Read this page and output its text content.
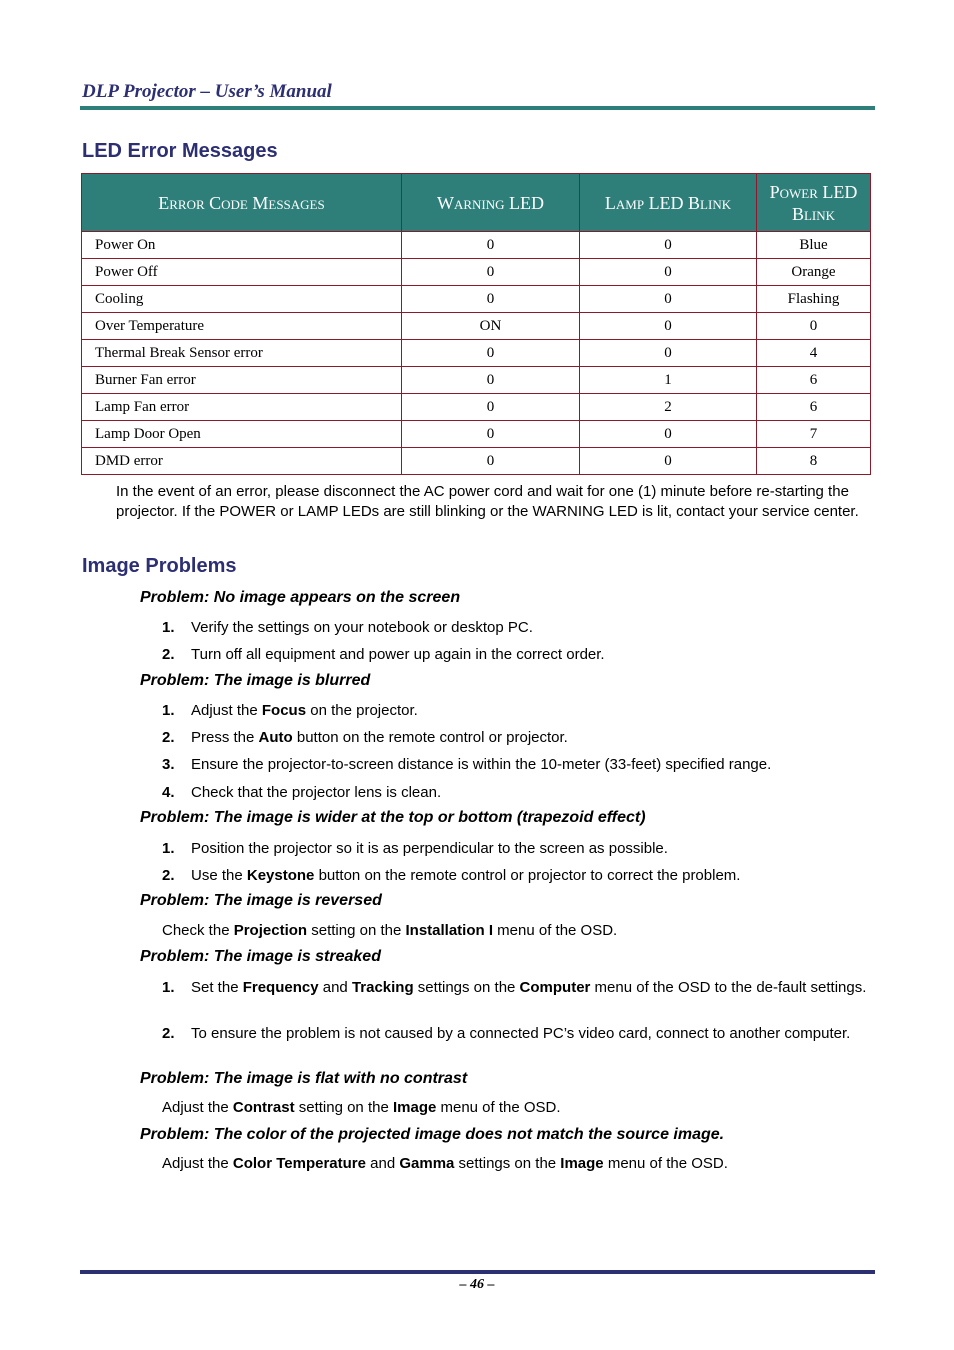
DLP Projector – User’s Manual
LED Error Messages
Error Code Messages	Warning LED	Lamp LED Blink	Power LED Blink
Power On	0	0	Blue
Power Off	0	0	Orange
Cooling	0	0	Flashing
Over Temperature	ON	0	0
Thermal Break Sensor error	0	0	4
Burner Fan error	0	1	6
Lamp Fan error	0	2	6
Lamp Door Open	0	0	7
DMD error	0	0	8
In the event of an error, please disconnect the AC power cord and wait for one (1) minute before re-starting the projector. If the POWER or LAMP LEDs are still blinking or the WARNING LED is lit, contact your service center.
Image Problems
Problem: No image appears on the screen
1. Verify the settings on your notebook or desktop PC.
2. Turn off all equipment and power up again in the correct order.
Problem: The image is blurred
1. Adjust the Focus on the projector.
2. Press the Auto button on the remote control or projector.
3. Ensure the projector-to-screen distance is within the 10-meter (33-feet) specified range.
4. Check that the projector lens is clean.
Problem: The image is wider at the top or bottom (trapezoid effect)
1. Position the projector so it is as perpendicular to the screen as possible.
2. Use the Keystone button on the remote control or projector to correct the problem.
Problem: The image is reversed
Check the Projection setting on the Installation I menu of the OSD.
Problem: The image is streaked
1. Set the Frequency and Tracking settings on the Computer menu of the OSD to the de-fault settings.
2. To ensure the problem is not caused by a connected PC’s video card, connect to another computer.
Problem: The image is flat with no contrast
Adjust the Contrast setting on the Image menu of the OSD.
Problem: The color of the projected image does not match the source image.
Adjust the Color Temperature and Gamma settings on the Image menu of the OSD.
– 46 –
